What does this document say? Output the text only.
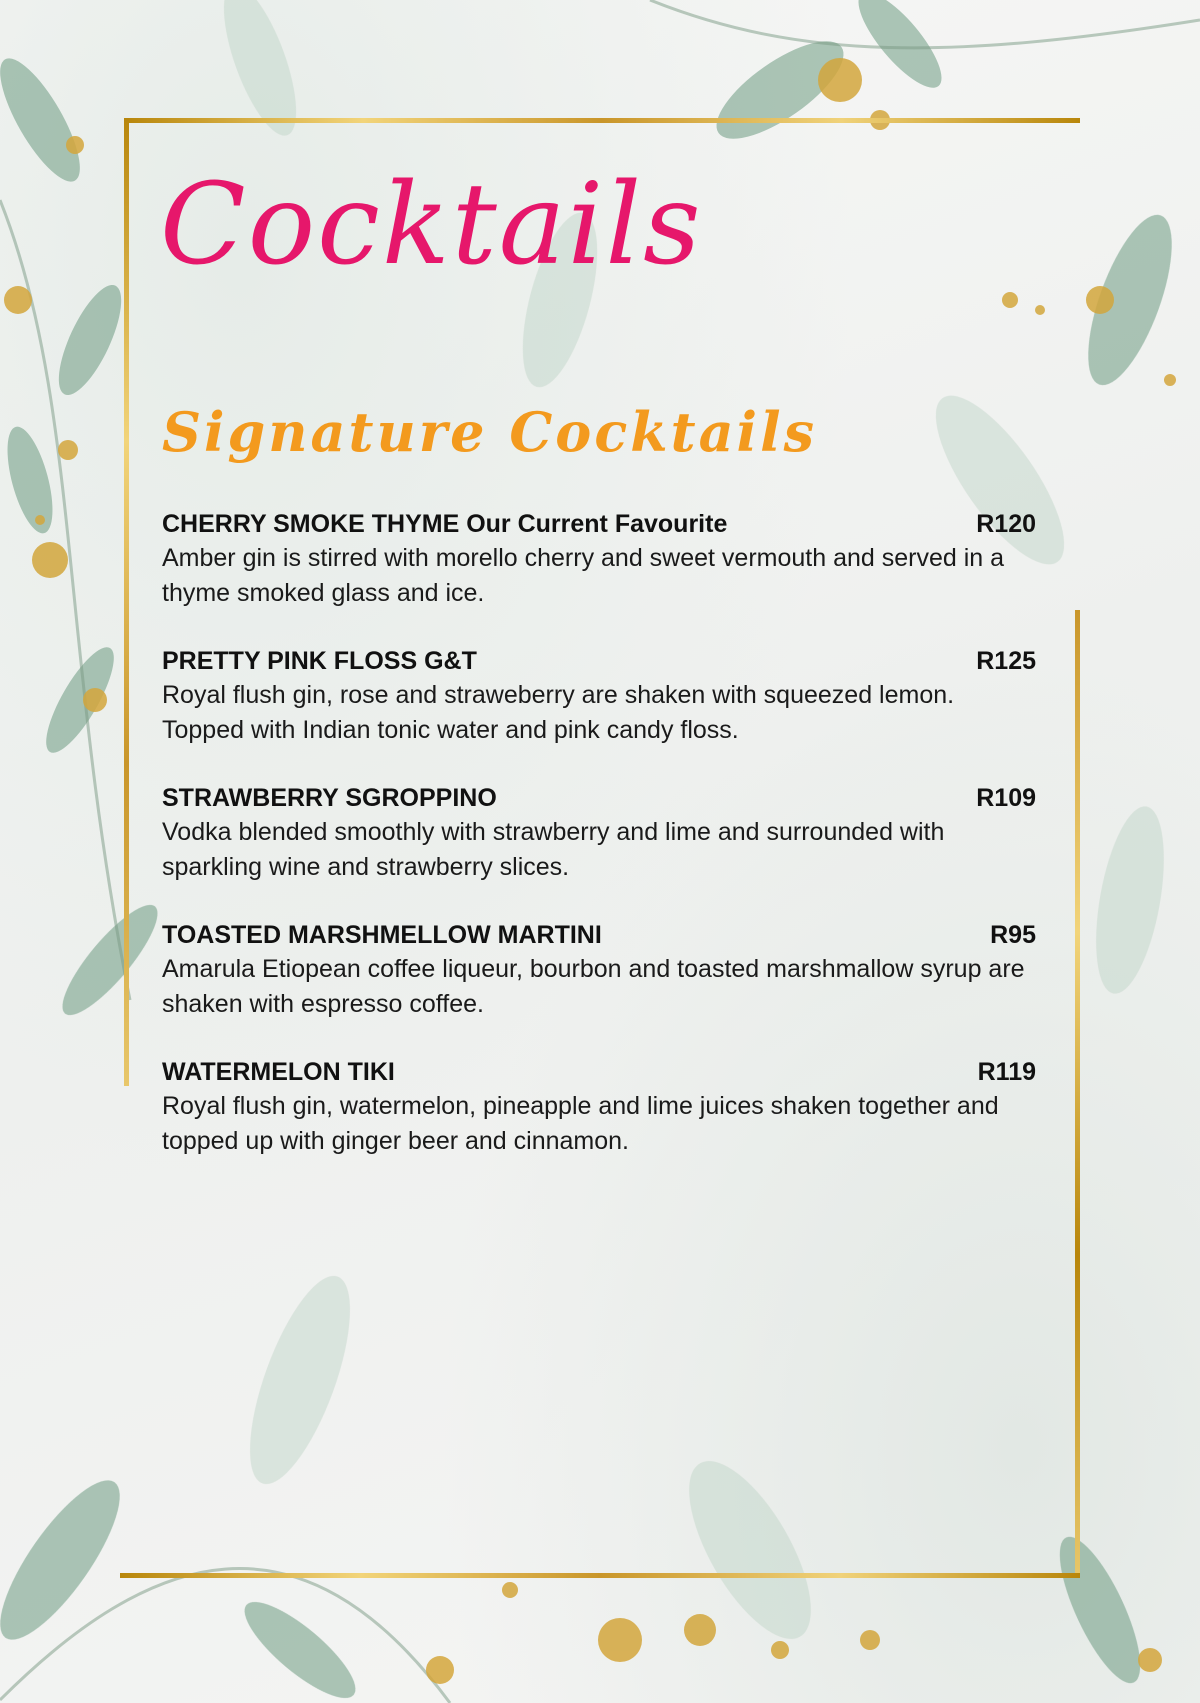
Cocktails
Signature Cocktails
CHERRY SMOKE THYME Our Current Favourite	R120
Amber gin is stirred with morello cherry and sweet vermouth and served in a thyme smoked glass and ice.
PRETTY PINK FLOSS G&T	R125
Royal flush gin, rose and straweberry are shaken with squeezed lemon. Topped with Indian tonic water and pink candy floss.
STRAWBERRY SGROPPINO	R109
Vodka blended smoothly with strawberry and lime and surrounded with sparkling wine and strawberry slices.
TOASTED MARSHMELLOW MARTINI	R95
Amarula Etiopean coffee liqueur, bourbon and toasted marshmallow syrup are shaken with espresso coffee.
WATERMELON TIKI	R119
Royal flush gin, watermelon, pineapple and lime juices shaken together and topped up with ginger beer and cinnamon.
